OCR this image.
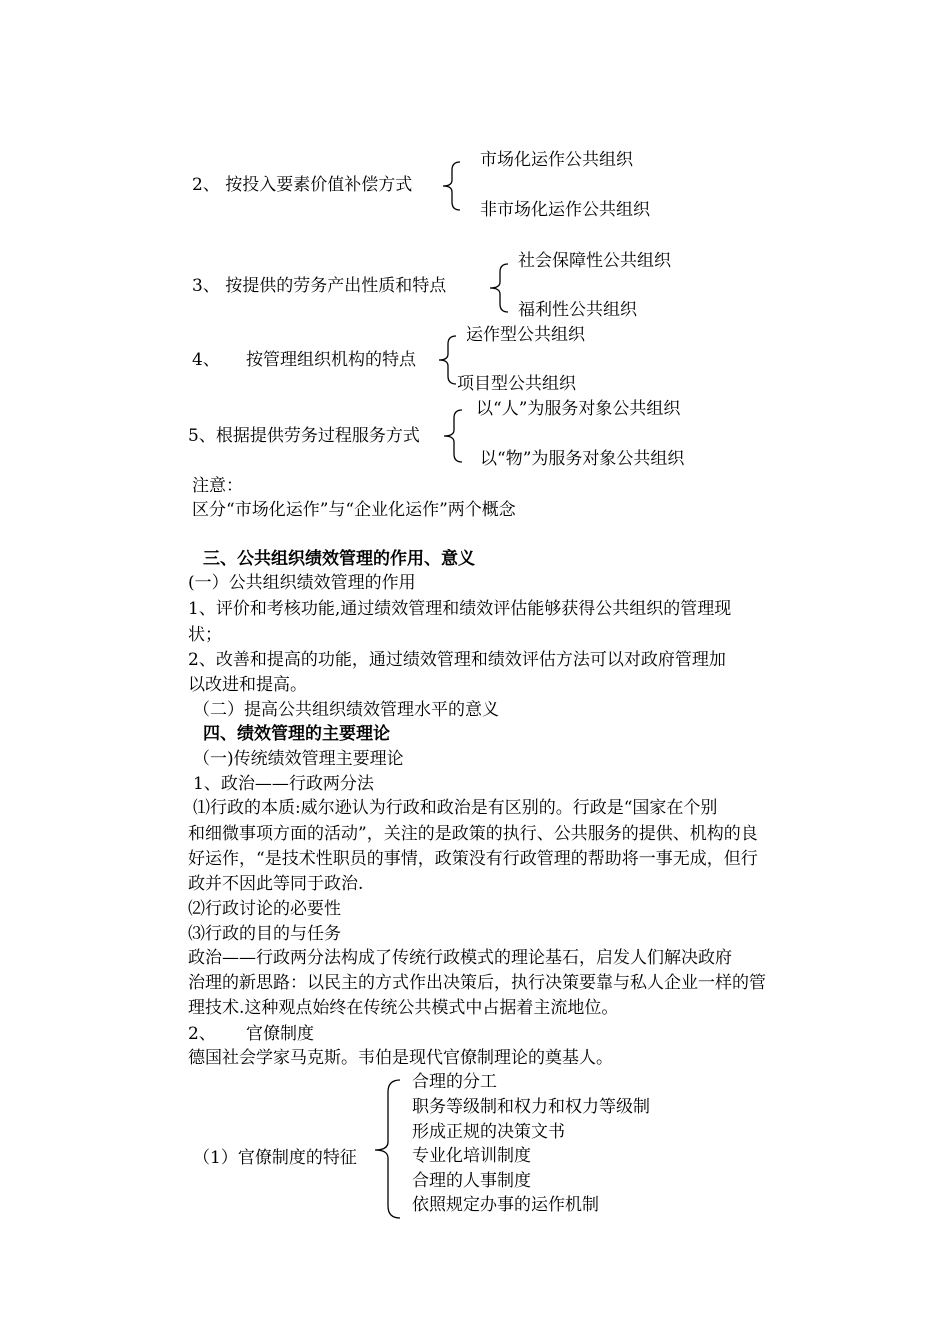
2、 按投入要素价值补偿方式
市场化运作公共组织
非市场化运作公共组织
3、 按提供的劳务产出性质和特点
社会保障性公共组织
福利性公共组织
4、 按管理组织机构的特点
运作型公共组织
项目型公共组织
5、根据提供劳务过程服务方式
以“人”为服务对象公共组织
以“物”为服务对象公共组织
注意：
区分“市场化运作”与“企业化运作”两个概念
三、公共组织绩效管理的作用、意义
(一）公共组织绩效管理的作用
1、评价和考核功能,通过绩效管理和绩效评估能够获得公共组织的管理现
状；
2、改善和提高的功能，通过绩效管理和绩效评估方法可以对政府管理加
以改进和提高。
（二）提高公共组织绩效管理水平的意义
四、绩效管理的主要理论
（一)传统绩效管理主要理论
1、政治——行政两分法
⑴行政的本质:威尔逊认为行政和政治是有区别的。行政是“国家在个别
和细微事项方面的活动”，关注的是政策的执行、公共服务的提供、机构的良
好运作，“是技术性职员的事情，政策没有行政管理的帮助将一事无成，但行
政并不因此等同于政治.
⑵行政讨论的必要性
⑶行政的目的与任务
政治——行政两分法构成了传统行政模式的理论基石，启发人们解决政府
治理的新思路：以民主的方式作出决策后，执行决策要靠与私人企业一样的管
理技术.这种观点始终在传统公共模式中占据着主流地位。
2、 官僚制度
德国社会学家马克斯。韦伯是现代官僚制理论的奠基人。
（1）官僚制度的特征
合理的分工
职务等级制和权力和权力等级制
形成正规的决策文书
专业化培训制度
合理的人事制度
依照规定办事的运作机制
